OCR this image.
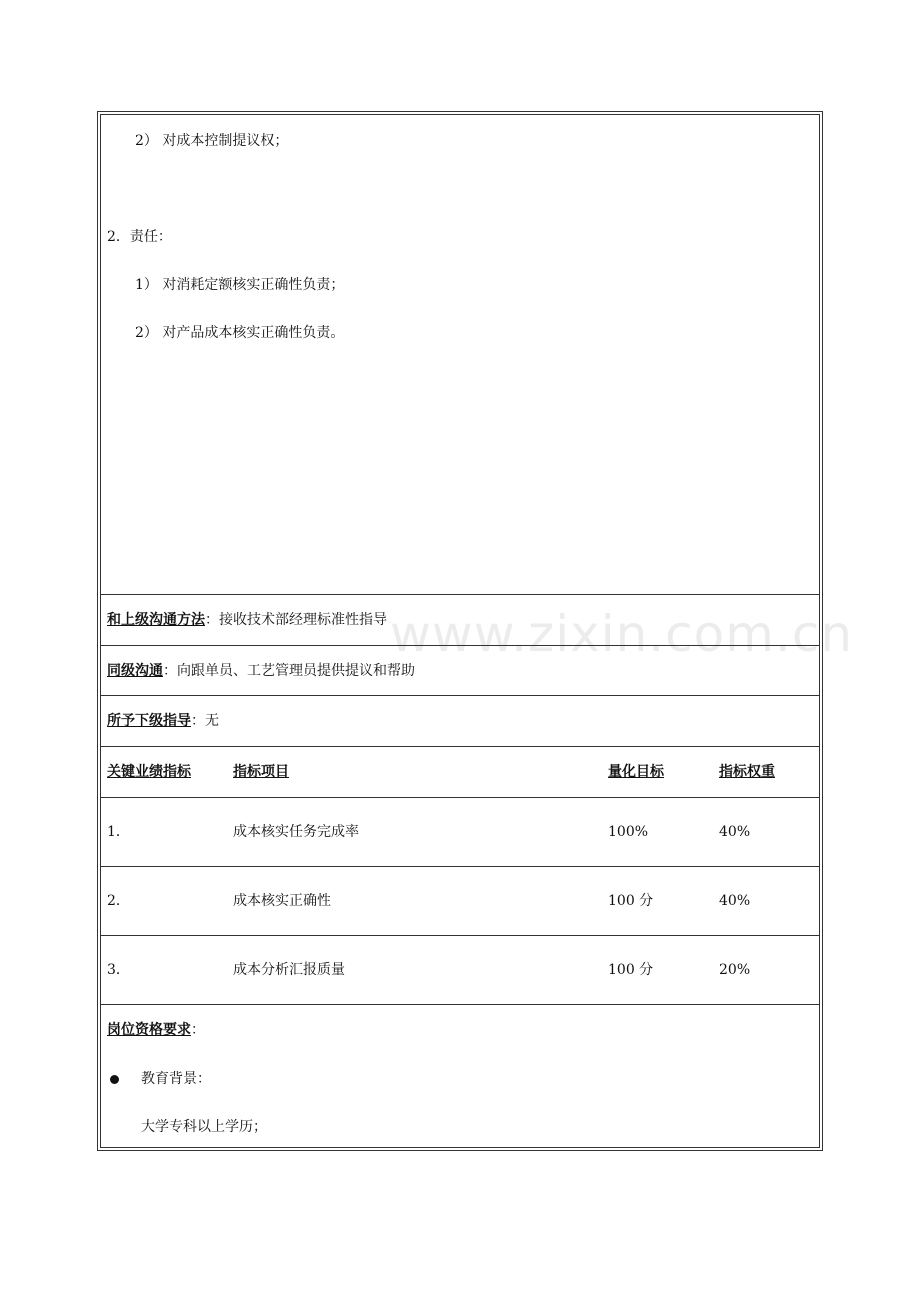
www.zixin.com.cn
2） 对成本控制提议权；
2．责任：
1） 对消耗定额核实正确性负责；
2） 对产品成本核实正确性负责。
和上级沟通方法：接收技术部经理标准性指导
同级沟通：向跟单员、工艺管理员提供提议和帮助
所予下级指导：无
关键业绩指标	指标项目	量化目标	指标权重
1．	成本核实任务完成率	100%	40%
2．	成本核实正确性	100 分	40%
3．	成本分析汇报质量	100 分	20%
岗位资格要求：
教育背景：
大学专科以上学历；
